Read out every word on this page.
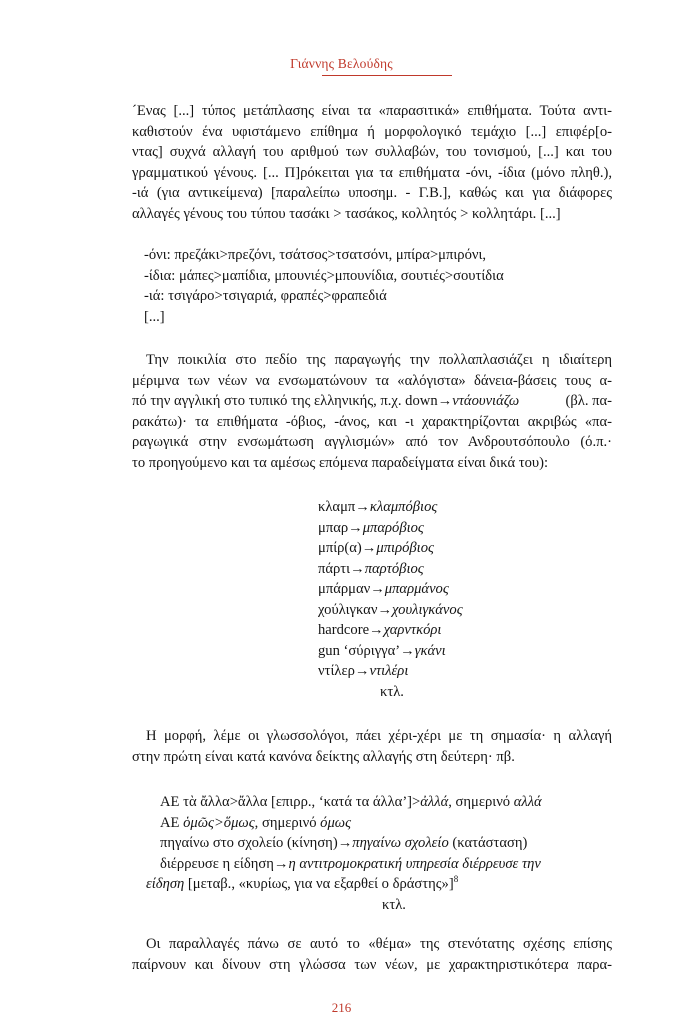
Γιάννης Βελούδης
´Ενας [...] τύπος μετάπλασης είναι τα «παρασιτικά» επιθήματα. Τούτα αντι-
καθιστούν ένα υφιστάμενο επίθημα ή μορφολογικό τεμάχιο [...] επιφέρ[ο-
ντας] συχνά αλλαγή του αριθμού των συλλαβών, του τονισμού, [...] και του
γραμματικού γένους. [... Π]ρόκειται για τα επιθήματα -όνι, -ίδια (μόνο πληθ.),
-ιά (για αντικείμενα) [παραλείπω υποσημ. - Γ.Β.], καθώς και για διάφορες
αλλαγές γένους του τύπου τασάκι > τασάκος, κολλητός > κολλητάρι. [...]
-όνι: πρεζάκι>πρεζόνι, τσάτσος>τσατσόνι, μπίρα>μπιρόνι,
-ίδια: μάπες>μαπίδια, μπουνιές>μπουνίδια, σουτιές>σουτίδια
-ιά: τσιγάρο>τσιγαριά, φραπές>φραπεδιά
[...]
Την ποικιλία στο πεδίο της παραγωγής την πολλαπλασιάζει η ιδιαίτερη
μέριμνα των νέων να ενσωματώνουν τα «αλόγιστα» δάνεια-βάσεις τους α-
πό την αγγλική στο τυπικό της ελληνικής, π.χ. down→ντάουνιάζω	(βλ. πα-
ρακάτω)· τα επιθήματα -όβιος, -άνος, και -ι χαρακτηρίζονται ακριβώς «πα-
ραγωγικά στην ενσωμάτωση αγγλισμών» από τον Ανδρουτσόπουλο (ό.π.·
το προηγούμενο και τα αμέσως επόμενα παραδείγματα είναι δικά του):
κλαμπ→κλαμπόβιος
μπαρ→μπαρόβιος
μπίρ(α)→μπιρόβιος
πάρτι→παρτόβιος
μπάρμαν→μπαρμάνος
χούλιγκαν→χουλιγκάνος
hardcore→χαρντκόρι
gun ‘σύριγγα’→γκάνι
ντίλερ→ντιλέρι
κτλ.
Η μορφή, λέμε οι γλωσσολόγοι, πάει χέρι-χέρι με τη σημασία· η αλλαγή
στην πρώτη είναι κατά κανόνα δείκτης αλλαγής στη δεύτερη· πβ.
ΑΕ τὰ ἄλλα>ἄλλα [επιρρ., ‘κατά τα άλλα’]>ἀλλά, σημερινό αλλά
ΑΕ ὁμῶς>ὅμως, σημερινό όμως
πηγαίνω στο σχολείο (κίνηση)→πηγαίνω σχολείο (κατάσταση)
διέρρευσε η είδηση→η αντιτρομοκρατική υπηρεσία διέρρευσε την
είδηση [μεταβ., «κυρίως, για να εξαρθεί ο δράστης»]$^8$
κτλ.
Οι παραλλαγές πάνω σε αυτό το «θέμα» της στενότατης σχέσης επίσης
παίρνουν και δίνουν στη γλώσσα των νέων, με χαρακτηριστικότερα παρα-
216
